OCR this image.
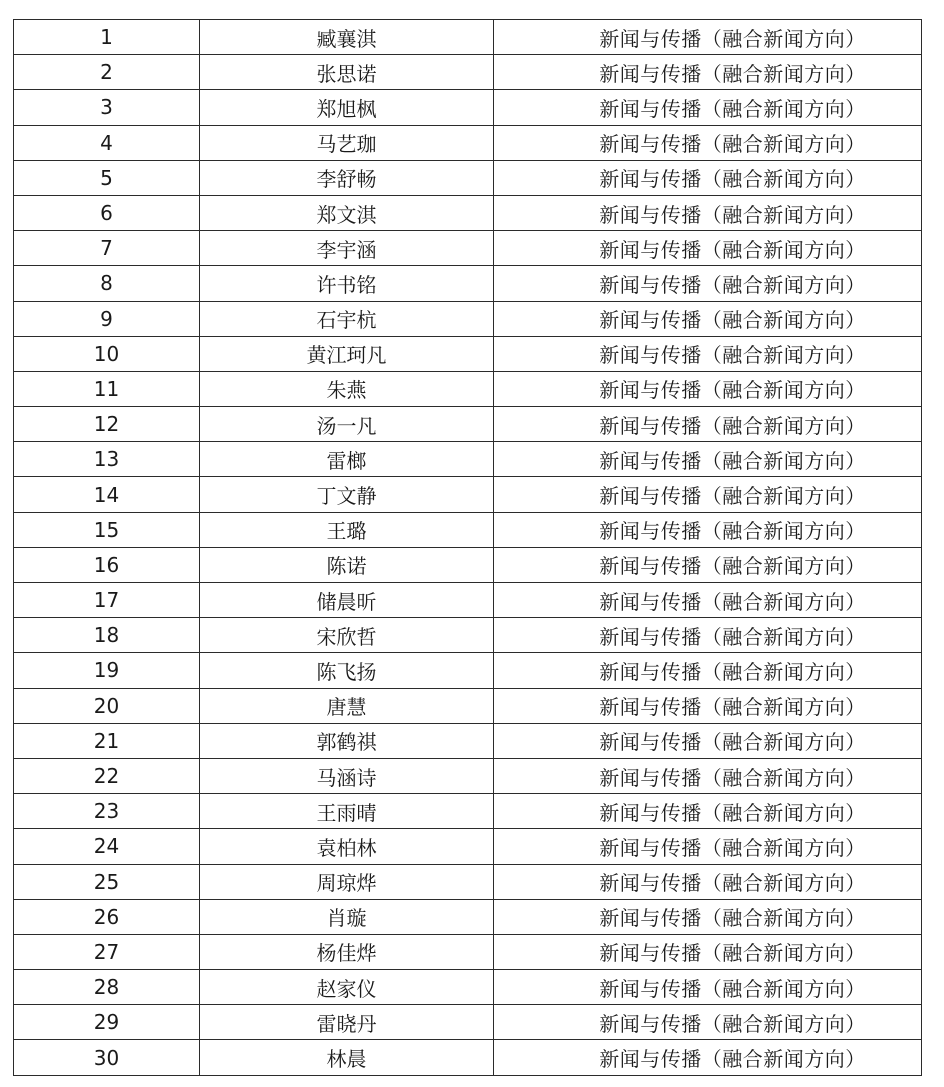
1	臧襄淇	新闻与传播（融合新闻方向）
2	张思诺	新闻与传播（融合新闻方向）
3	郑旭枫	新闻与传播（融合新闻方向）
4	马艺珈	新闻与传播（融合新闻方向）
5	李舒畅	新闻与传播（融合新闻方向）
6	郑文淇	新闻与传播（融合新闻方向）
7	李宇涵	新闻与传播（融合新闻方向）
8	许书铭	新闻与传播（融合新闻方向）
9	石宇杭	新闻与传播（融合新闻方向）
10	黄江珂凡	新闻与传播（融合新闻方向）
11	朱燕	新闻与传播（融合新闻方向）
12	汤一凡	新闻与传播（融合新闻方向）
13	雷榔	新闻与传播（融合新闻方向）
14	丁文静	新闻与传播（融合新闻方向）
15	王璐	新闻与传播（融合新闻方向）
16	陈诺	新闻与传播（融合新闻方向）
17	储晨昕	新闻与传播（融合新闻方向）
18	宋欣哲	新闻与传播（融合新闻方向）
19	陈飞扬	新闻与传播（融合新闻方向）
20	唐慧	新闻与传播（融合新闻方向）
21	郭鹤祺	新闻与传播（融合新闻方向）
22	马涵诗	新闻与传播（融合新闻方向）
23	王雨晴	新闻与传播（融合新闻方向）
24	袁柏林	新闻与传播（融合新闻方向）
25	周琼烨	新闻与传播（融合新闻方向）
26	肖璇	新闻与传播（融合新闻方向）
27	杨佳烨	新闻与传播（融合新闻方向）
28	赵家仪	新闻与传播（融合新闻方向）
29	雷晓丹	新闻与传播（融合新闻方向）
30	林晨	新闻与传播（融合新闻方向）
